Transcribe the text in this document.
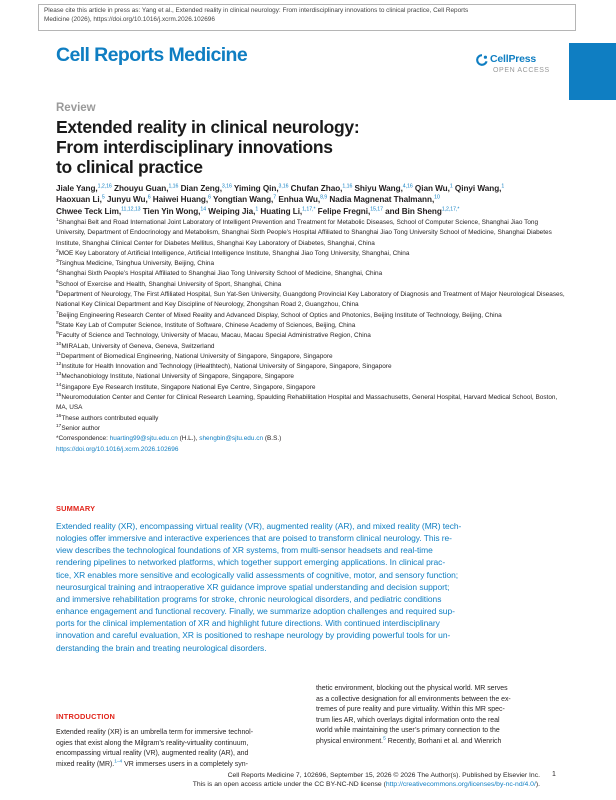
Please cite this article in press as: Yang et al., Extended reality in clinical neurology: From interdisciplinary innovations to clinical practice, Cell Reports
Medicine (2026), https://doi.org/10.1016/j.xcrm.2026.102696
Cell Reports Medicine	CellPress
OPEN ACCESS
Review
Extended reality in clinical neurology:
From interdisciplinary innovations
to clinical practice
Jiale Yang,$^{1,2,16}$ Zhouyu Guan,$^{1,16}$ Dian Zeng,$^{3,16}$ Yiming Qin,$^{3,16}$ Chufan Zhao,$^{1,16}$ Shiyu Wang,$^{4,16}$ Qian Wu,$^1$ Qinyi Wang,$^1$
Haoxuan Li,$^5$ Junyu Wu,$^6$ Haiwei Huang,$^6$ Yongtian Wang,$^7$ Enhua Wu,$^{8,9}$ Nadia Magnenat Thalmann,$^{10}$
Chwee Teck Lim,$^{11,12,13}$ Tien Yin Wong,$^{14}$ Weiping Jia,$^1$ Huating Li,$^{1,17,*}$ Felipe Fregni,$^{15,17}$ and Bin Sheng$^{1,2,17,*}$
$^1$Shanghai Belt and Road International Joint Laboratory of Intelligent Prevention and Treatment for Metabolic Diseases, School of Computer Science, Shanghai Jiao Tong University, Department of Endocrinology and Metabolism, Shanghai Sixth People’s Hospital Affiliated to Shanghai Jiao Tong University School of Medicine, Shanghai Diabetes Institute, Shanghai Clinical Center for Diabetes Mellitus, Shanghai Key Laboratory of Diabetes, Shanghai, China
$^2$MOE Key Laboratory of Artificial Intelligence, Artificial Intelligence Institute, Shanghai Jiao Tong University, Shanghai, China
$^3$Tsinghua Medicine, Tsinghua University, Beijing, China
$^4$Shanghai Sixth People’s Hospital Affiliated to Shanghai Jiao Tong University School of Medicine, Shanghai, China
$^5$School of Exercise and Health, Shanghai University of Sport, Shanghai, China
$^6$Department of Neurology, The First Affiliated Hospital, Sun Yat-Sen University, Guangdong Provincial Key Laboratory of Diagnosis and Treatment of Major Neurological Diseases, National Key Clinical Department and Key Discipline of Neurology, Zhongshan Road 2, Guangzhou, China
$^7$Beijing Engineering Research Center of Mixed Reality and Advanced Display, School of Optics and Photonics, Beijing Institute of Technology, Beijing, China
$^8$State Key Lab of Computer Science, Institute of Software, Chinese Academy of Sciences, Beijing, China
$^9$Faculty of Science and Technology, University of Macau, Macau, Macau Special Administrative Region, China
$^{10}$MIRALab, University of Geneva, Geneva, Switzerland
$^{11}$Department of Biomedical Engineering, National University of Singapore, Singapore, Singapore
$^{12}$Institute for Health Innovation and Technology (iHealthtech), National University of Singapore, Singapore, Singapore
$^{13}$Mechanobiology Institute, National University of Singapore, Singapore, Singapore
$^{14}$Singapore Eye Research Institute, Singapore National Eye Centre, Singapore, Singapore
$^{15}$Neuromodulation Center and Center for Clinical Research Learning, Spaulding Rehabilitation Hospital and Massachusetts, General Hospital, Harvard Medical School, Boston, MA, USA
$^{16}$These authors contributed equally
$^{17}$Senior author
*Correspondence: huarting99@sjtu.edu.cn (H.L.), shengbin@sjtu.edu.cn (B.S.)
https://doi.org/10.1016/j.xcrm.2026.102696
SUMMARY
Extended reality (XR), encompassing virtual reality (VR), augmented reality (AR), and mixed reality (MR) tech-
nologies offer immersive and interactive experiences that are poised to transform clinical neurology. This re-
view describes the technological foundations of XR systems, from multi-sensor headsets and real-time
rendering pipelines to networked platforms, which together support emerging applications. In clinical prac-
tice, XR enables more sensitive and ecologically valid assessments of cognitive, motor, and sensory function;
neurosurgical training and intraoperative XR guidance improve spatial understanding and decision support;
and immersive rehabilitation programs for stroke, chronic neurological disorders, and pediatric conditions
enhance engagement and functional recovery. Finally, we summarize adoption challenges and required sup-
ports for the clinical implementation of XR and highlight future directions. With continued interdisciplinary
innovation and careful evaluation, XR is positioned to reshape neurology by providing powerful tools for un-
derstanding the brain and treating neurological disorders.
INTRODUCTION
Extended reality (XR) is an umbrella term for immersive technol-
ogies that exist along the Milgram’s reality-virtuality continuum,
encompassing virtual reality (VR), augmented reality (AR), and
mixed reality (MR).$^{1-4}$ VR immerses users in a completely syn-
thetic environment, blocking out the physical world. MR serves
as a collective designation for all environments between the ex-
tremes of pure reality and pure virtuality. Within this MR spec-
trum lies AR, which overlays digital information onto the real
world while maintaining the user’s primary connection to the
physical environment.$^5$ Recently, Borhani et al. and Wienrich
Cell Reports Medicine 7, 102696, September 15, 2026 © 2026 The Author(s). Published by Elsevier Inc.
This is an open access article under the CC BY-NC-ND license (http://creativecommons.org/licenses/by-nc-nd/4.0/).
1
